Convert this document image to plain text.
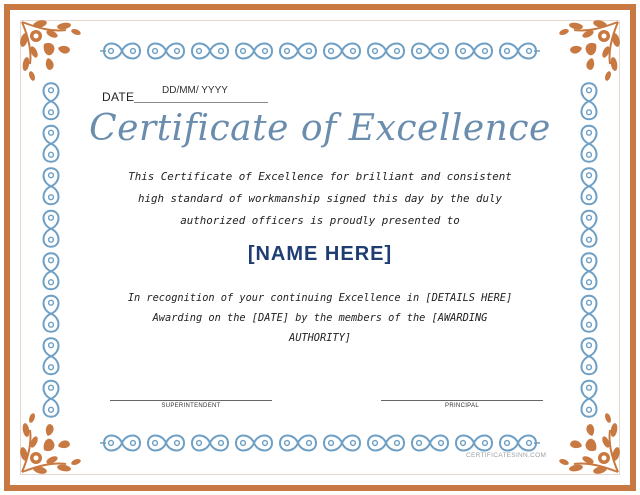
DATE	DD/MM/ YYYY
Certificate of Excellence
This Certificate of Excellence for brilliant and consistent
high standard of workmanship signed this day by the duly
authorized officers is proudly presented to
[NAME HERE]
In recognition of your continuing Excellence in [DETAILS HERE]
Awarding on the [DATE] by the members of the [AWARDING
AUTHORITY]
SUPERINTENDENT	PRINCIPAL
CERTIFICATESINN.COM
